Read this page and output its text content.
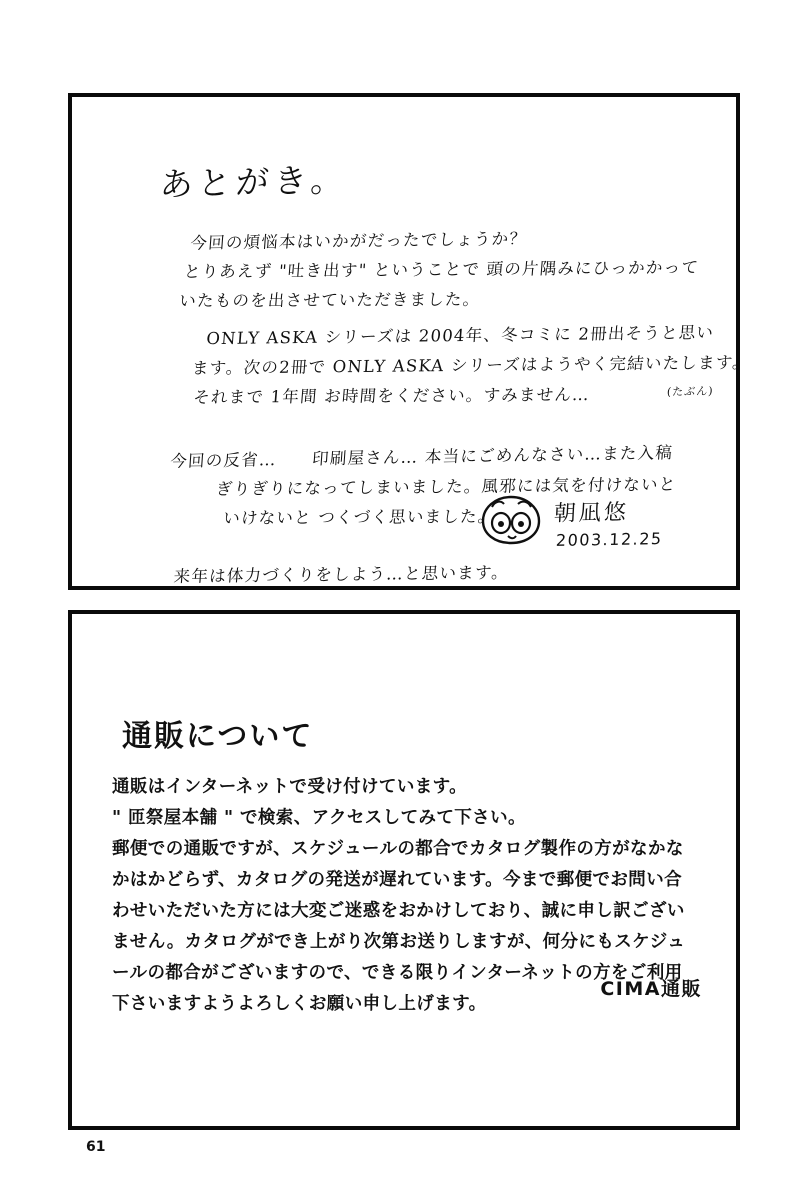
あとがき。
今回の煩悩本はいかがだったでしょうか？
とりあえず "吐き出す" ということで 頭の片隅みにひっかかって
いたものを出させていただきました。
ONLY ASKA シリーズは 2004年、冬コミに 2冊出そうと思い
ます。次の2冊で ONLY ASKA シリーズはようやく完結いたします。
それまで 1年間 お時間をください。すみません…	(たぶん)
今回の反省…　　印刷屋さん… 本当にごめんなさい…また入稿
ぎりぎりになってしまいました。風邪には気を付けないと
いけないと つくづく思いました。
来年は体力づくりをしよう…と思います。
朝凪悠
2003.12.25
通販について

通販はインターネットで受け付けています。

" 匝祭屋本舗 " で検索、アクセスしてみて下さい。

郵便での通販ですが、スケジュールの都合でカタログ製作の方がなかな

かはかどらず、カタログの発送が遅れています。今まで郵便でお問い合

わせいただいた方には大変ご迷惑をおかけしており、誠に申し訳ござい

ません。カタログができ上がり次第お送りしますが、何分にもスケジュ

ールの都合がございますので、できる限りインターネットの方をご利用

下さいますようよろしくお願い申し上げます。

CIMA通販
61
